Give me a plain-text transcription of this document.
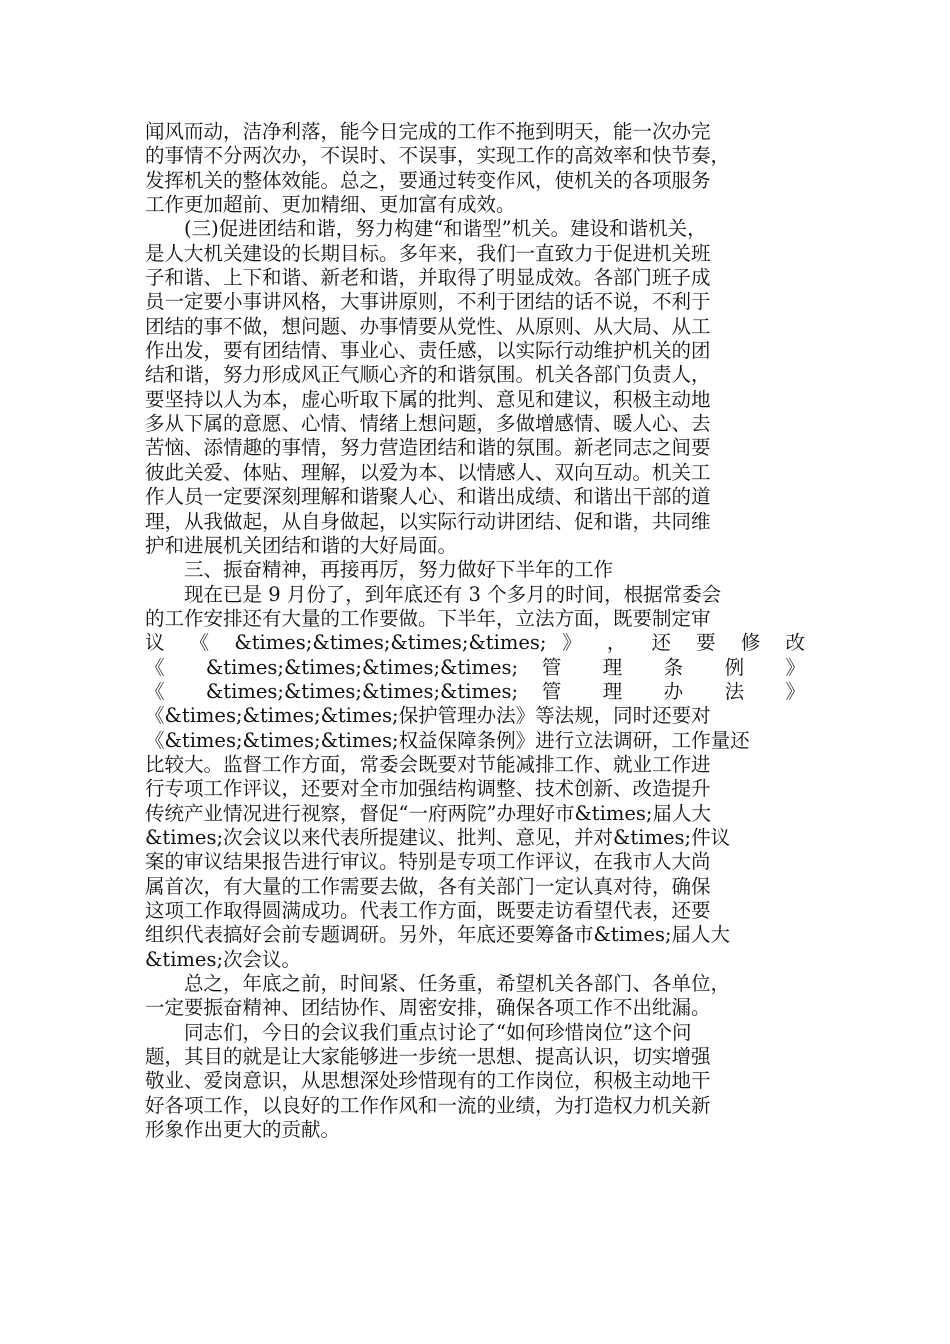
闻风而动，洁净利落，能今日完成的工作不拖到明天，能一次办完
的事情不分两次办，不误时、不误事，实现工作的高效率和快节奏，
发挥机关的整体效能。总之，要通过转变作风，使机关的各项服务
工作更加超前、更加精细、更加富有成效。
　　(三)促进团结和谐，努力构建“和谐型”机关。建设和谐机关，
是人大机关建设的长期目标。多年来，我们一直致力于促进机关班
子和谐、上下和谐、新老和谐，并取得了明显成效。各部门班子成
员一定要小事讲风格，大事讲原则，不利于团结的话不说，不利于
团结的事不做，想问题、办事情要从党性、从原则、从大局、从工
作出发，要有团结情、事业心、责任感，以实际行动维护机关的团
结和谐，努力形成风正气顺心齐的和谐氛围。机关各部门负责人，
要坚持以人为本，虚心听取下属的批判、意见和建议，积极主动地
多从下属的意愿、心情、情绪上想问题，多做增感情、暖人心、去
苦恼、添情趣的事情，努力营造团结和谐的氛围。新老同志之间要
彼此关爱、体贴、理解，以爱为本、以情感人、双向互动。机关工
作人员一定要深刻理解和谐聚人心、和谐出成绩、和谐出干部的道
理，从我做起，从自身做起，以实际行动讲团结、促和谐，共同维
护和进展机关团结和谐的大好局面。
　　三、振奋精神，再接再厉，努力做好下半年的工作
　　现在已是 9 月份了，到年底还有 3 个多月的时间，根据常委会
的工作安排还有大量的工作要做。下半年，立法方面，既要制定审
议 《 &times;&times;&times;&times; 》 ， 还 要 修 改
《 &times;&times;&times;&times; 管 理 条 例 》
《 &times;&times;&times;&times; 管 理 办 法 》
《&times;&times;&times;保护管理办法》等法规，同时还要对
《&times;&times;&times;权益保障条例》进行立法调研，工作量还
比较大。监督工作方面，常委会既要对节能减排工作、就业工作进
行专项工作评议，还要对全市加强结构调整、技术创新、改造提升
传统产业情况进行视察，督促“一府两院”办理好市&times;届人大
&times;次会议以来代表所提建议、批判、意见，并对&times;件议
案的审议结果报告进行审议。特别是专项工作评议，在我市人大尚
属首次，有大量的工作需要去做，各有关部门一定认真对待，确保
这项工作取得圆满成功。代表工作方面，既要走访看望代表，还要
组织代表搞好会前专题调研。另外，年底还要筹备市&times;届人大
&times;次会议。
　　总之，年底之前，时间紧、任务重，希望机关各部门、各单位，
一定要振奋精神、团结协作、周密安排，确保各项工作不出纰漏。
　　同志们，今日的会议我们重点讨论了“如何珍惜岗位”这个问
题，其目的就是让大家能够进一步统一思想、提高认识，切实增强
敬业、爱岗意识，从思想深处珍惜现有的工作岗位，积极主动地干
好各项工作，以良好的工作作风和一流的业绩，为打造权力机关新
形象作出更大的贡献。
